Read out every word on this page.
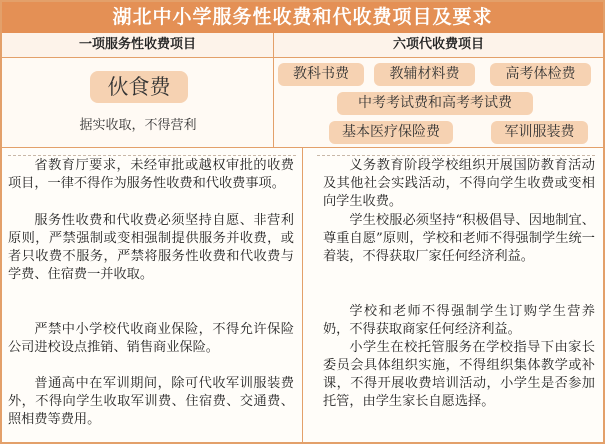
湖北中小学服务性收费和代收费项目及要求
一项服务性收费项目	六项代收费项目
伙食费
据实收取，不得营利
教科书费	教辅材料费	高考体检费
中考考试费和高考考试费
基本医疗保险费	军训服装费

省教育厅要求，未经审批或越权审批的收费项目，一律不得作为服务性收费和代收费事项。

服务性收费和代收费必须坚持自愿、非营利原则，严禁强制或变相强制提供服务并收费，或者只收费不服务，严禁将服务性收费和代收费与学费、住宿费一并收取。

严禁中小学校代收商业保险，不得允许保险公司进校设点推销、销售商业保险。

普通高中在军训期间，除可代收军训服装费外，不得向学生收取军训费、住宿费、交通费、照相费等费用。

义务教育阶段学校组织开展国防教育活动及其他社会实践活动，不得向学生收费或变相向学生收费。

学生校服必须坚持“积极倡导、因地制宜、尊重自愿”原则，学校和老师不得强制学生统一着装，不得获取厂家任何经济利益。

学校和老师不得强制学生订购学生营养奶，不得获取商家任何经济利益。

小学生在校托管服务在学校指导下由家长委员会具体组织实施，不得组织集体教学或补课，不得开展收费培训活动，小学生是否参加托管，由学生家长自愿选择。
